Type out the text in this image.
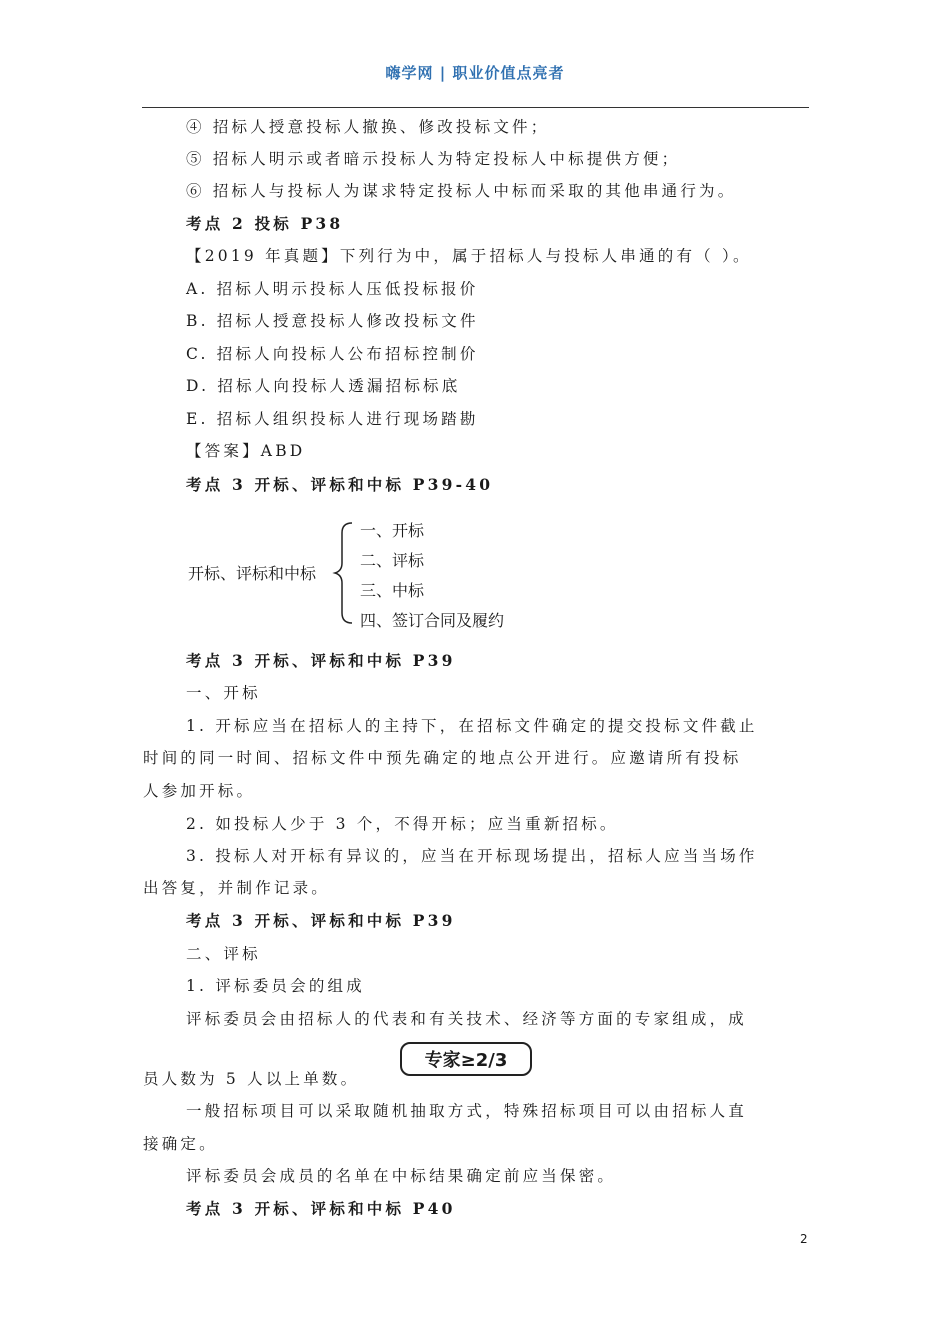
嗨学网 | 职业价值点亮者
④ 招标人授意投标人撤换、修改投标文件；
⑤ 招标人明示或者暗示投标人为特定投标人中标提供方便；
⑥ 招标人与投标人为谋求特定投标人中标而采取的其他串通行为。
考点 2 投标 P38
【2019 年真题】下列行为中，属于招标人与投标人串通的有（ ）。
A. 招标人明示投标人压低投标报价
B. 招标人授意投标人修改投标文件
C. 招标人向投标人公布招标控制价
D. 招标人向投标人透漏招标标底
E. 招标人组织投标人进行现场踏勘
【答案】ABD
考点 3 开标、评标和中标 P39-40
开标、评标和中标
一、开标
二、评标
三、中标
四、签订合同及履约
考点 3 开标、评标和中标 P39
一、开标
1. 开标应当在招标人的主持下，在招标文件确定的提交投标文件截止
时间的同一时间、招标文件中预先确定的地点公开进行。应邀请所有投标
人参加开标。
2. 如投标人少于 3 个，不得开标；应当重新招标。
3. 投标人对开标有异议的，应当在开标现场提出，招标人应当当场作
出答复，并制作记录。
考点 3 开标、评标和中标 P39
二、评标
1. 评标委员会的组成
评标委员会由招标人的代表和有关技术、经济等方面的专家组成，成
员人数为 5 人以上单数。
专家≥2/3
一般招标项目可以采取随机抽取方式，特殊招标项目可以由招标人直
接确定。
评标委员会成员的名单在中标结果确定前应当保密。
考点 3 开标、评标和中标 P40
2
